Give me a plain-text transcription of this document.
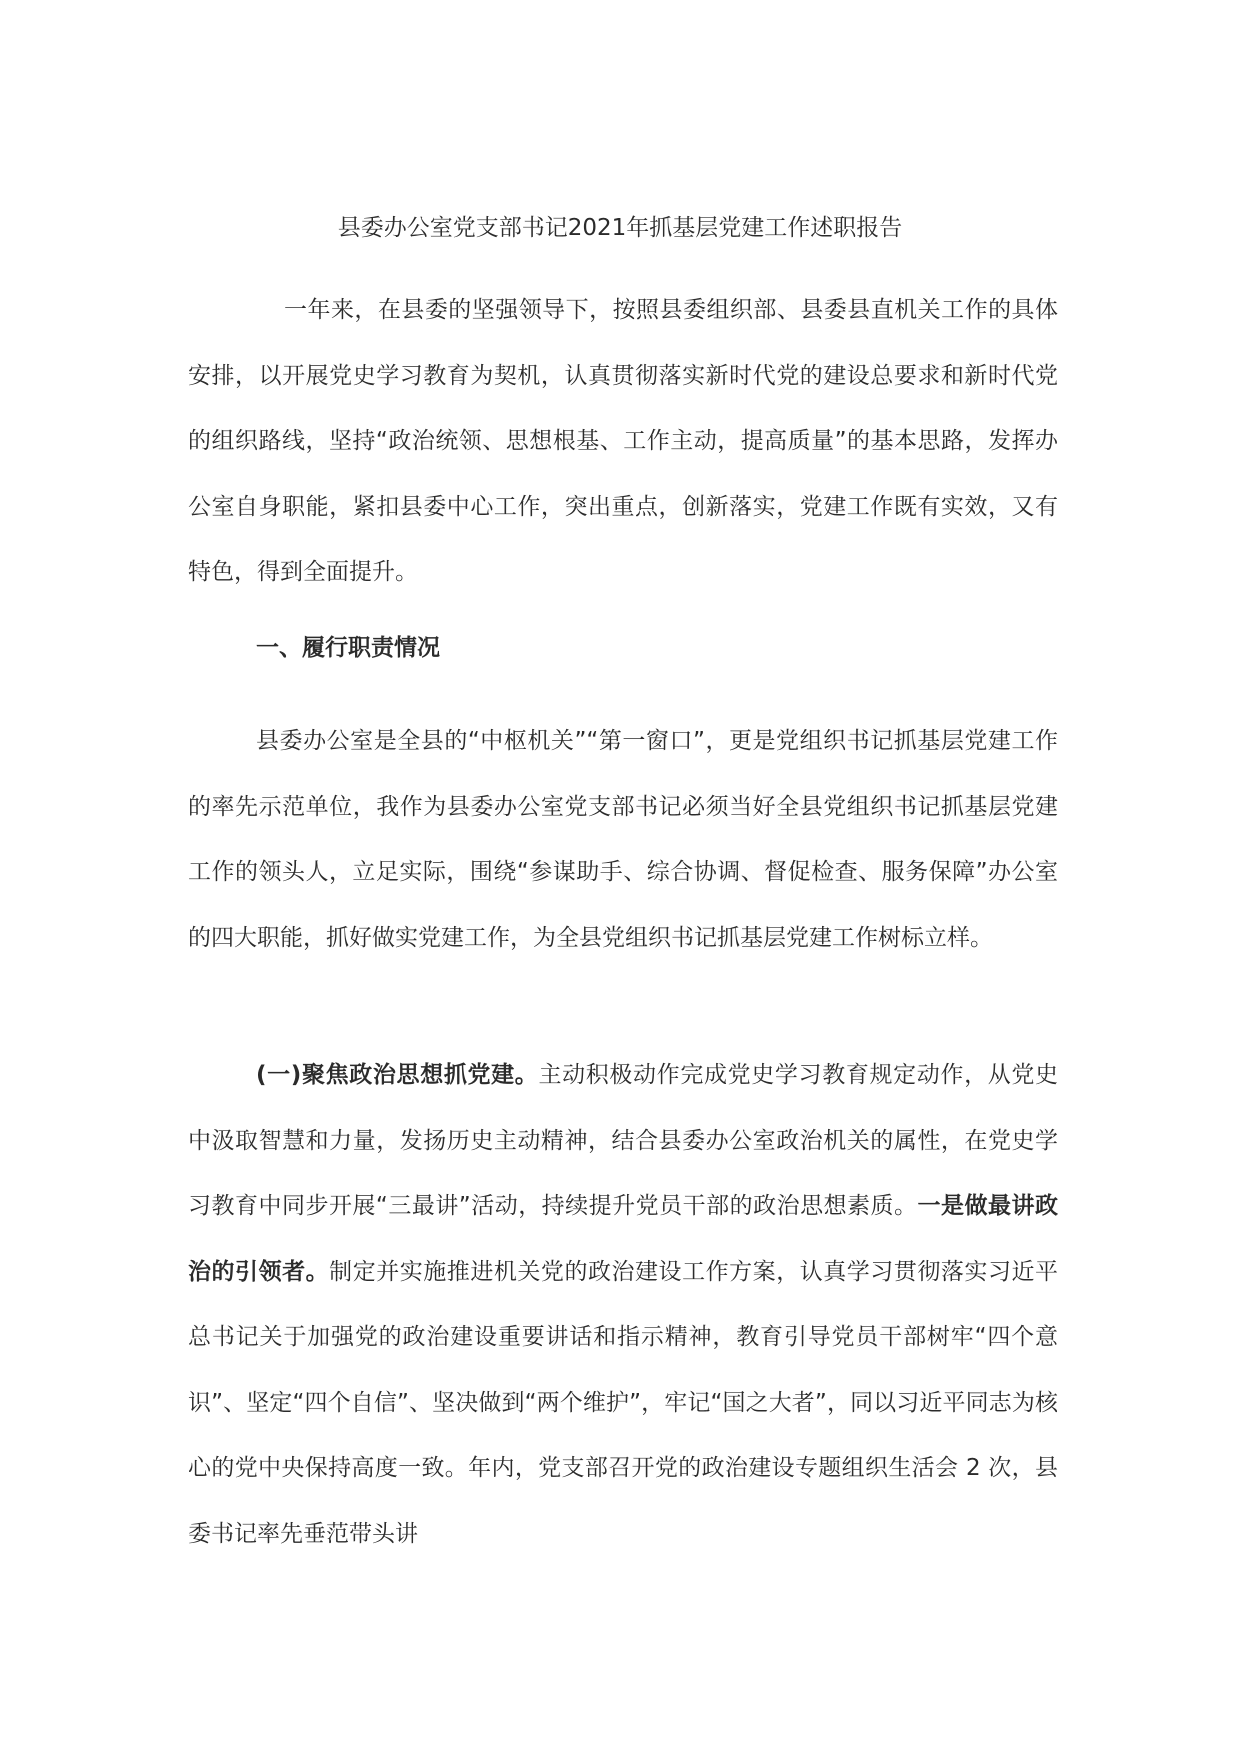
县委办公室党支部书记2021年抓基层党建工作述职报告

一年来，在县委的坚强领导下，按照县委组织部、县委县直机关工作的具体安排，以开展党史学习教育为契机，认真贯彻落实新时代党的建设总要求和新时代党的组织路线，坚持“政治统领、思想根基、工作主动，提高质量”的基本思路，发挥办公室自身职能，紧扣县委中心工作，突出重点，创新落实，党建工作既有实效，又有特色，得到全面提升。

一、履行职责情况

县委办公室是全县的“中枢机关”“第一窗口”，更是党组织书记抓基层党建工作的率先示范单位，我作为县委办公室党支部书记必须当好全县党组织书记抓基层党建工作的领头人，立足实际，围绕“参谋助手、综合协调、督促检查、服务保障”办公室的四大职能，抓好做实党建工作，为全县党组织书记抓基层党建工作树标立样。

(一)聚焦政治思想抓党建。主动积极动作完成党史学习教育规定动作，从党史中汲取智慧和力量，发扬历史主动精神，结合县委办公室政治机关的属性，在党史学习教育中同步开展“三最讲”活动，持续提升党员干部的政治思想素质。一是做最讲政治的引领者。制定并实施推进机关党的政治建设工作方案，认真学习贯彻落实习近平总书记关于加强党的政治建设重要讲话和指示精神，教育引导党员干部树牢“四个意识”、坚定“四个自信”、坚决做到“两个维护”，牢记“国之大者”，同以习近平同志为核心的党中央保持高度一致。年内，党支部召开党的政治建设专题组织生活会 2 次，县委书记率先垂范带头讲
